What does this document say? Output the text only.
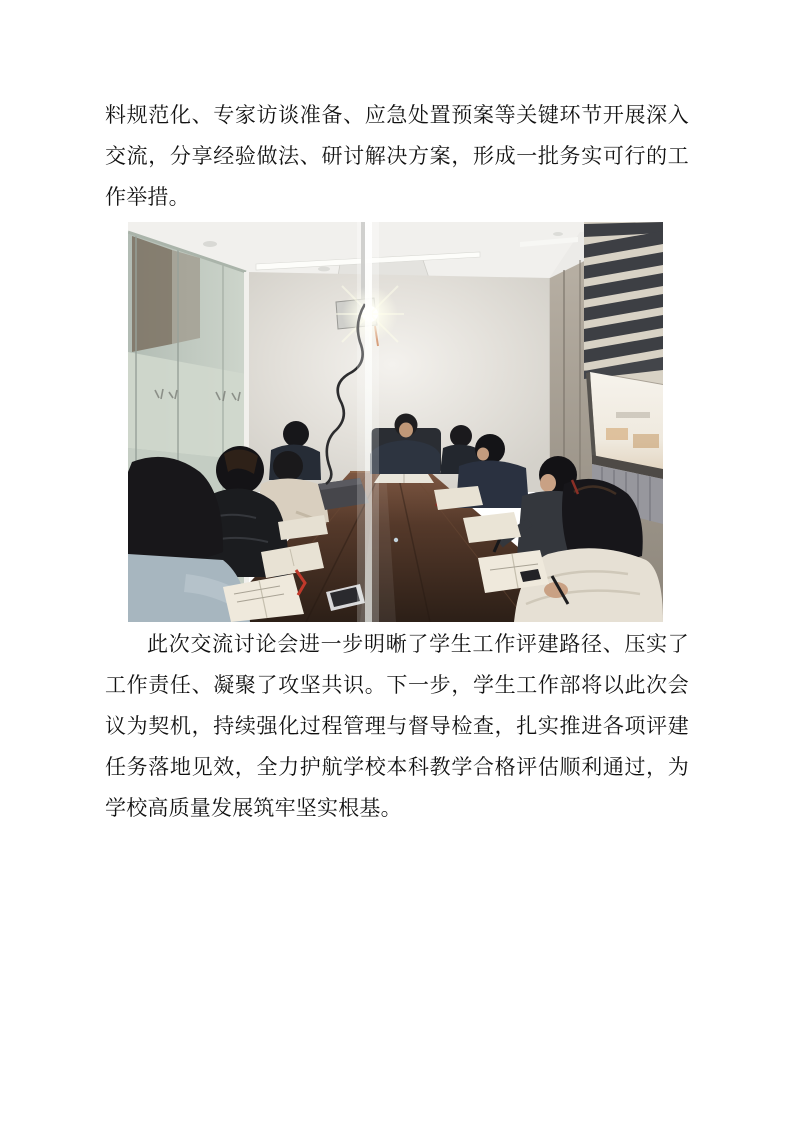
料规范化、专家访谈准备、应急处置预案等关键环节开展深入交流，分享经验做法、研讨解决方案，形成一批务实可行的工作举措。

此次交流讨论会进一步明晰了学生工作评建路径、压实了工作责任、凝聚了攻坚共识。下一步，学生工作部将以此次会议为契机，持续强化过程管理与督导检查，扎实推进各项评建任务落地见效，全力护航学校本科教学合格评估顺利通过，为学校高质量发展筑牢坚实根基。
